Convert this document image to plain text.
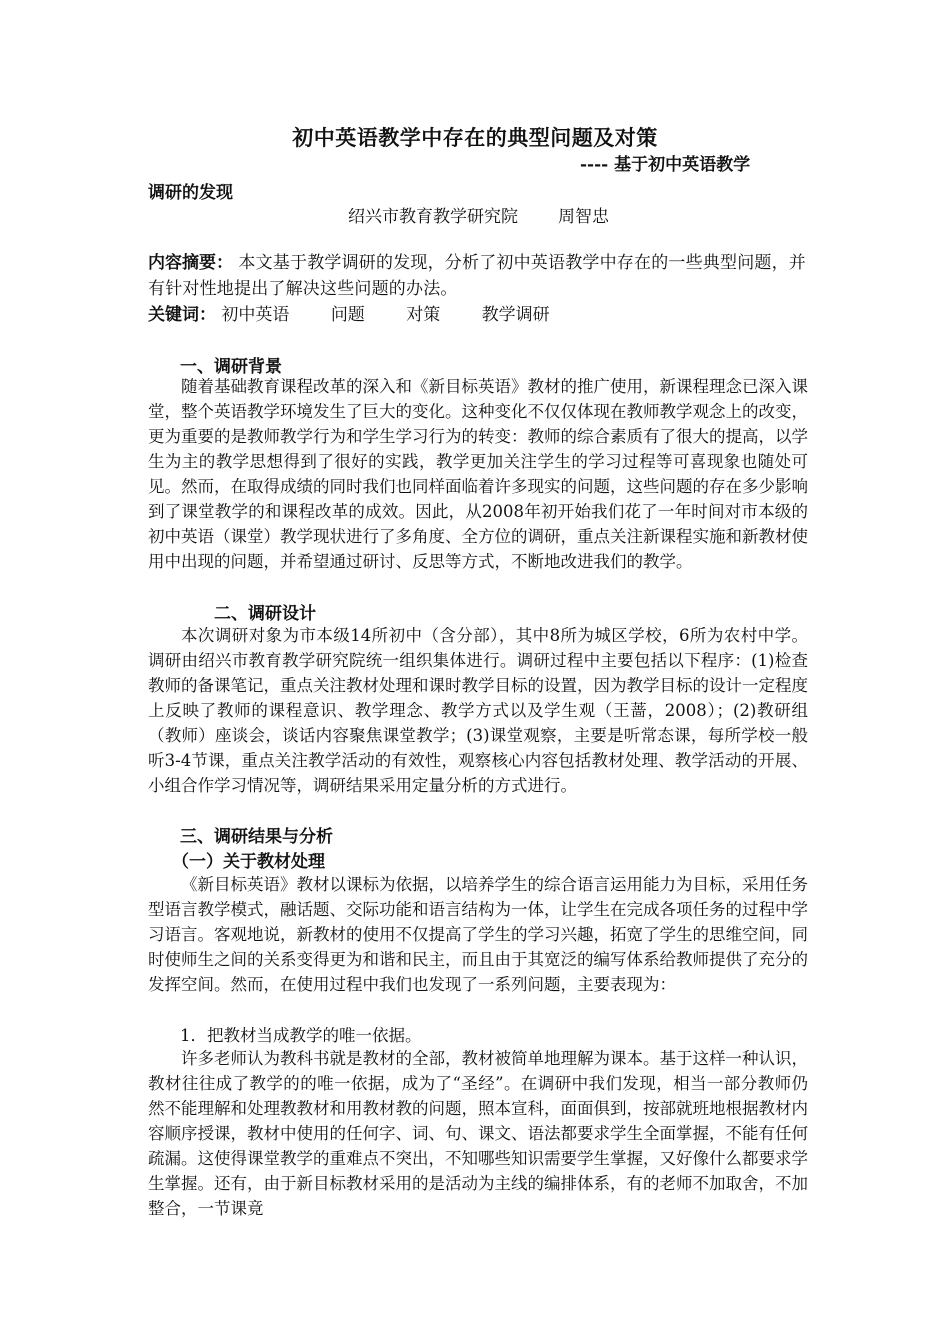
初中英语教学中存在的典型问题及对策
---- 基于初中英语教学
调研的发现
绍兴市教育教学研究院 周智忠
内容摘要： 本文基于教学调研的发现，分析了初中英语教学中存在的一些典型问题，并有针对性地提出了解决这些问题的办法。
关键词： 初中英语 问题 对策 教学调研
一、调研背景
随着基础教育课程改革的深入和《新目标英语》教材的推广使用，新课程理念已深入课堂，整个英语教学环境发生了巨大的变化。这种变化不仅仅体现在教师教学观念上的改变，更为重要的是教师教学行为和学生学习行为的转变：教师的综合素质有了很大的提高，以学生为主的教学思想得到了很好的实践，教学更加关注学生的学习过程等可喜现象也随处可见。然而，在取得成绩的同时我们也同样面临着许多现实的问题，这些问题的存在多少影响到了课堂教学的和课程改革的成效。因此，从2008年初开始我们花了一年时间对市本级的初中英语（课堂）教学现状进行了多角度、全方位的调研，重点关注新课程实施和新教材使用中出现的问题，并希望通过研讨、反思等方式，不断地改进我们的教学。
二、调研设计
本次调研对象为市本级14所初中（含分部），其中8所为城区学校，6所为农村中学。调研由绍兴市教育教学研究院统一组织集体进行。调研过程中主要包括以下程序：(1)检查教师的备课笔记，重点关注教材处理和课时教学目标的设置，因为教学目标的设计一定程度上反映了教师的课程意识、教学理念、教学方式以及学生观（王蔷，2008）；(2)教研组（教师）座谈会，谈话内容聚焦课堂教学；(3)课堂观察，主要是听常态课，每所学校一般听3-4节课，重点关注教学活动的有效性，观察核心内容包括教材处理、教学活动的开展、小组合作学习情况等，调研结果采用定量分析的方式进行。
三、调研结果与分析
（一）关于教材处理
《新目标英语》教材以课标为依据，以培养学生的综合语言运用能力为目标，采用任务型语言教学模式，融话题、交际功能和语言结构为一体，让学生在完成各项任务的过程中学习语言。客观地说，新教材的使用不仅提高了学生的学习兴趣，拓宽了学生的思维空间，同时使师生之间的关系变得更为和谐和民主，而且由于其宽泛的编写体系给教师提供了充分的发挥空间。然而，在使用过程中我们也发现了一系列问题，主要表现为：
1．把教材当成教学的唯一依据。
许多老师认为教科书就是教材的全部，教材被简单地理解为课本。基于这样一种认识，教材往往成了教学的的唯一依据，成为了“圣经”。在调研中我们发现，相当一部分教师仍然不能理解和处理教教材和用教材教的问题，照本宣科，面面俱到，按部就班地根据教材内容顺序授课，教材中使用的任何字、词、句、课文、语法都要求学生全面掌握，不能有任何疏漏。这使得课堂教学的重难点不突出，不知哪些知识需要学生掌握，又好像什么都要求学生掌握。还有，由于新目标教材采用的是活动为主线的编排体系，有的老师不加取舍，不加整合，一节课竟
